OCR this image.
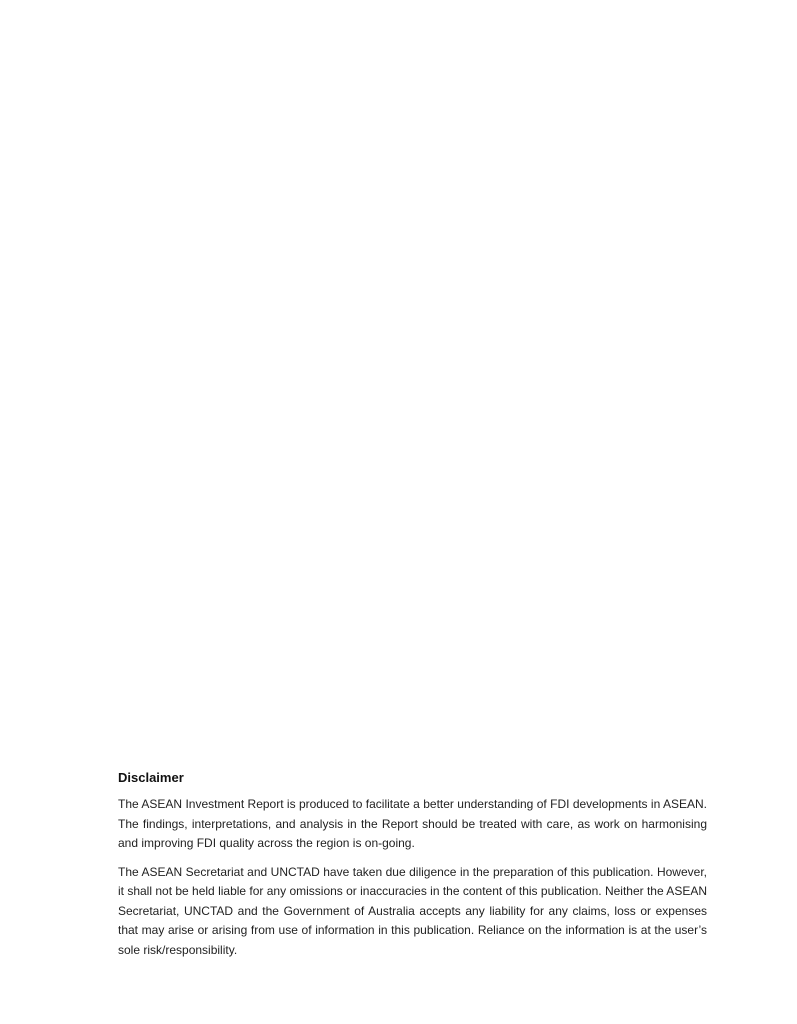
Disclaimer

The ASEAN Investment Report is produced to facilitate a better understanding of FDI developments in ASEAN. The findings, interpretations, and analysis in the Report should be treated with care, as work on harmonising and improving FDI quality across the region is on-going.

The ASEAN Secretariat and UNCTAD have taken due diligence in the preparation of this publication. However, it shall not be held liable for any omissions or inaccuracies in the content of this publication. Neither the ASEAN Secretariat, UNCTAD and the Government of Australia accepts any liability for any claims, loss or expenses that may arise or arising from use of information in this publication. Reliance on the information is at the user’s sole risk/responsibility.
